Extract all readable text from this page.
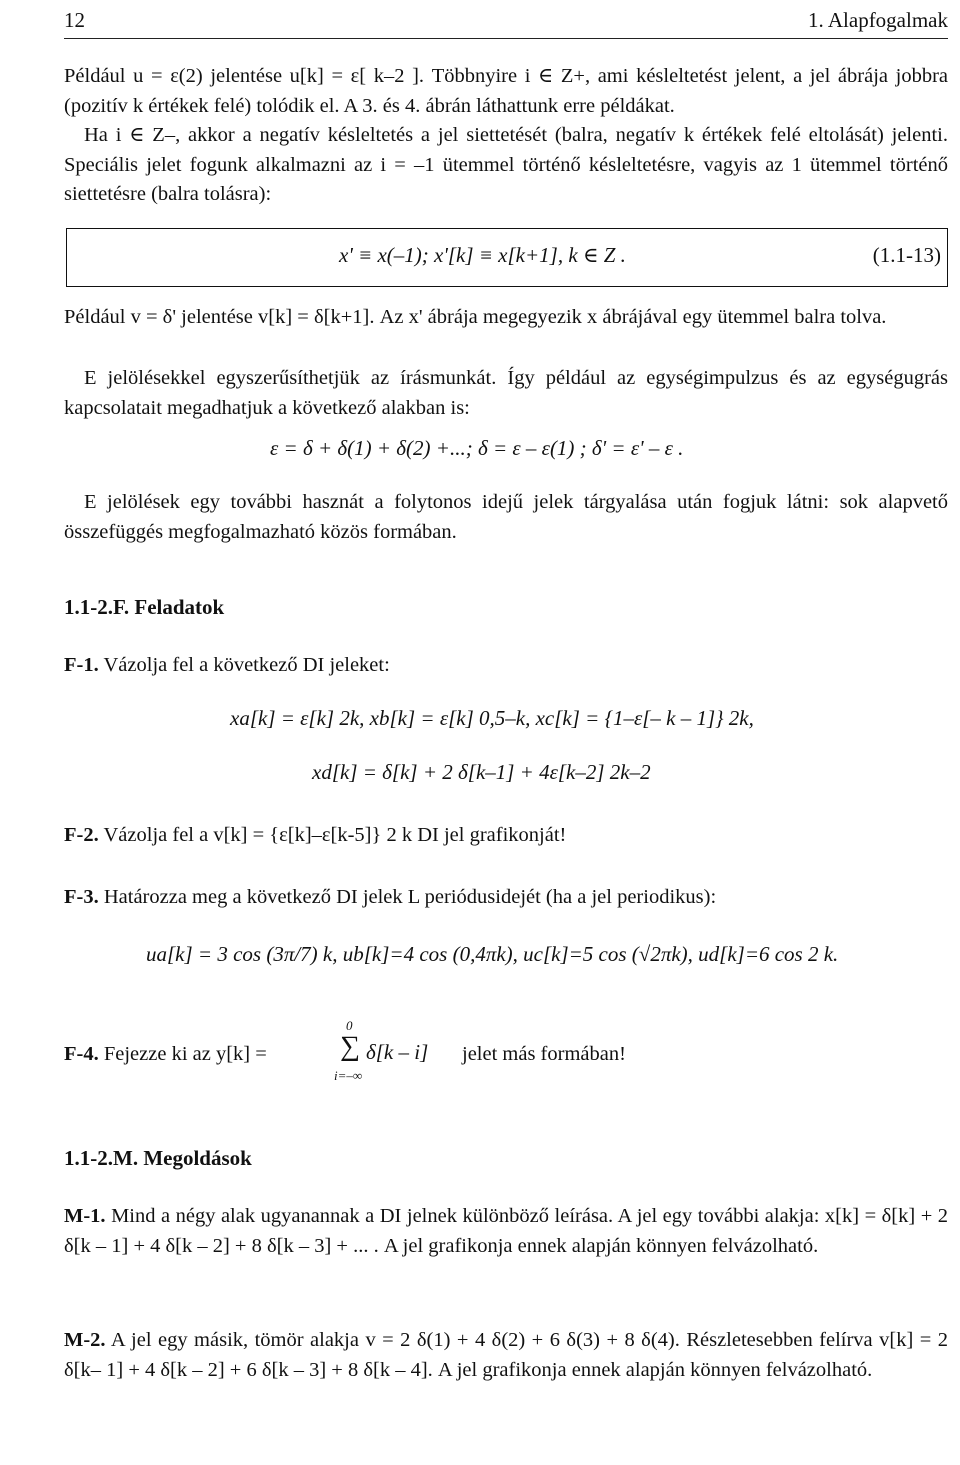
12	1. Alapfogalmak
Például u = ε(2) jelentése u[k] = ε[ k–2 ]. Többnyire i ∈ Z+, ami késleltetést jelent, a jel ábrája jobbra (pozitív k értékek felé) tolódik el. A 3. és 4. ábrán láthattunk erre példákat.
Ha i ∈ Z–, akkor a negatív késleltetés a jel siettetését (balra, negatív k értékek felé eltolását) jelenti. Speciális jelet fogunk alkalmazni az i = –1 ütemmel történő késleltetésre, vagyis az 1 ütemmel történő siettetésre (balra tolásra):
x' ≡ x(–1); x'[k] ≡ x[k+1], k ∈ Z .	(1.1-13)
Például v = δ' jelentése v[k] = δ[k+1]. Az x' ábrája megegyezik x ábrájával egy ütemmel balra tolva.
E jelölésekkel egyszerűsíthetjük az írásmunkát. Így például az egységimpulzus és az egységugrás kapcsolatait megadhatjuk a következő alakban is:
ε = δ + δ(1) + δ(2) +...; δ = ε – ε(1) ; δ' = ε' – ε .
E jelölések egy további hasznát a folytonos idejű jelek tárgyalása után fogjuk látni: sok alapvető összefüggés megfogalmazható közös formában.
1.1-2.F. Feladatok
F-1. Vázolja fel a következő DI jeleket:
xa[k] = ε[k] 2k, xb[k] = ε[k] 0,5–k, xc[k] = {1–ε[– k – 1]} 2k,
xd[k] = δ[k] + 2 δ[k–1] + 4ε[k–2] 2k–2
F-2. Vázolja fel a v[k] = {ε[k]–ε[k-5]} 2 k DI jel grafikonját!
F-3. Határozza meg a következő DI jelek L periódusidejét (ha a jel periodikus):
ua[k] = 3 cos (3π/7) k, ub[k]=4 cos (0,4πk), uc[k]=5 cos (√2πk), ud[k]=6 cos 2 k.
F-4. Fejezze ki az y[k] =
0
∑
i=–∞
δ[k – i] jelet más formában!
1.1-2.M. Megoldások
M-1. Mind a négy alak ugyanannak a DI jelnek különböző leírása. A jel egy további alakja: x[k] = δ[k] + 2 δ[k – 1] + 4 δ[k – 2] + 8 δ[k – 3] + ... . A jel grafikonja ennek alapján könnyen felvázolható.
M-2. A jel egy másik, tömör alakja v = 2 δ(1) + 4 δ(2) + 6 δ(3) + 8 δ(4). Részletesebben felírva v[k] = 2 δ[k– 1] + 4 δ[k – 2] + 6 δ[k – 3] + 8 δ[k – 4]. A jel grafikonja ennek alapján könnyen felvázolható.
